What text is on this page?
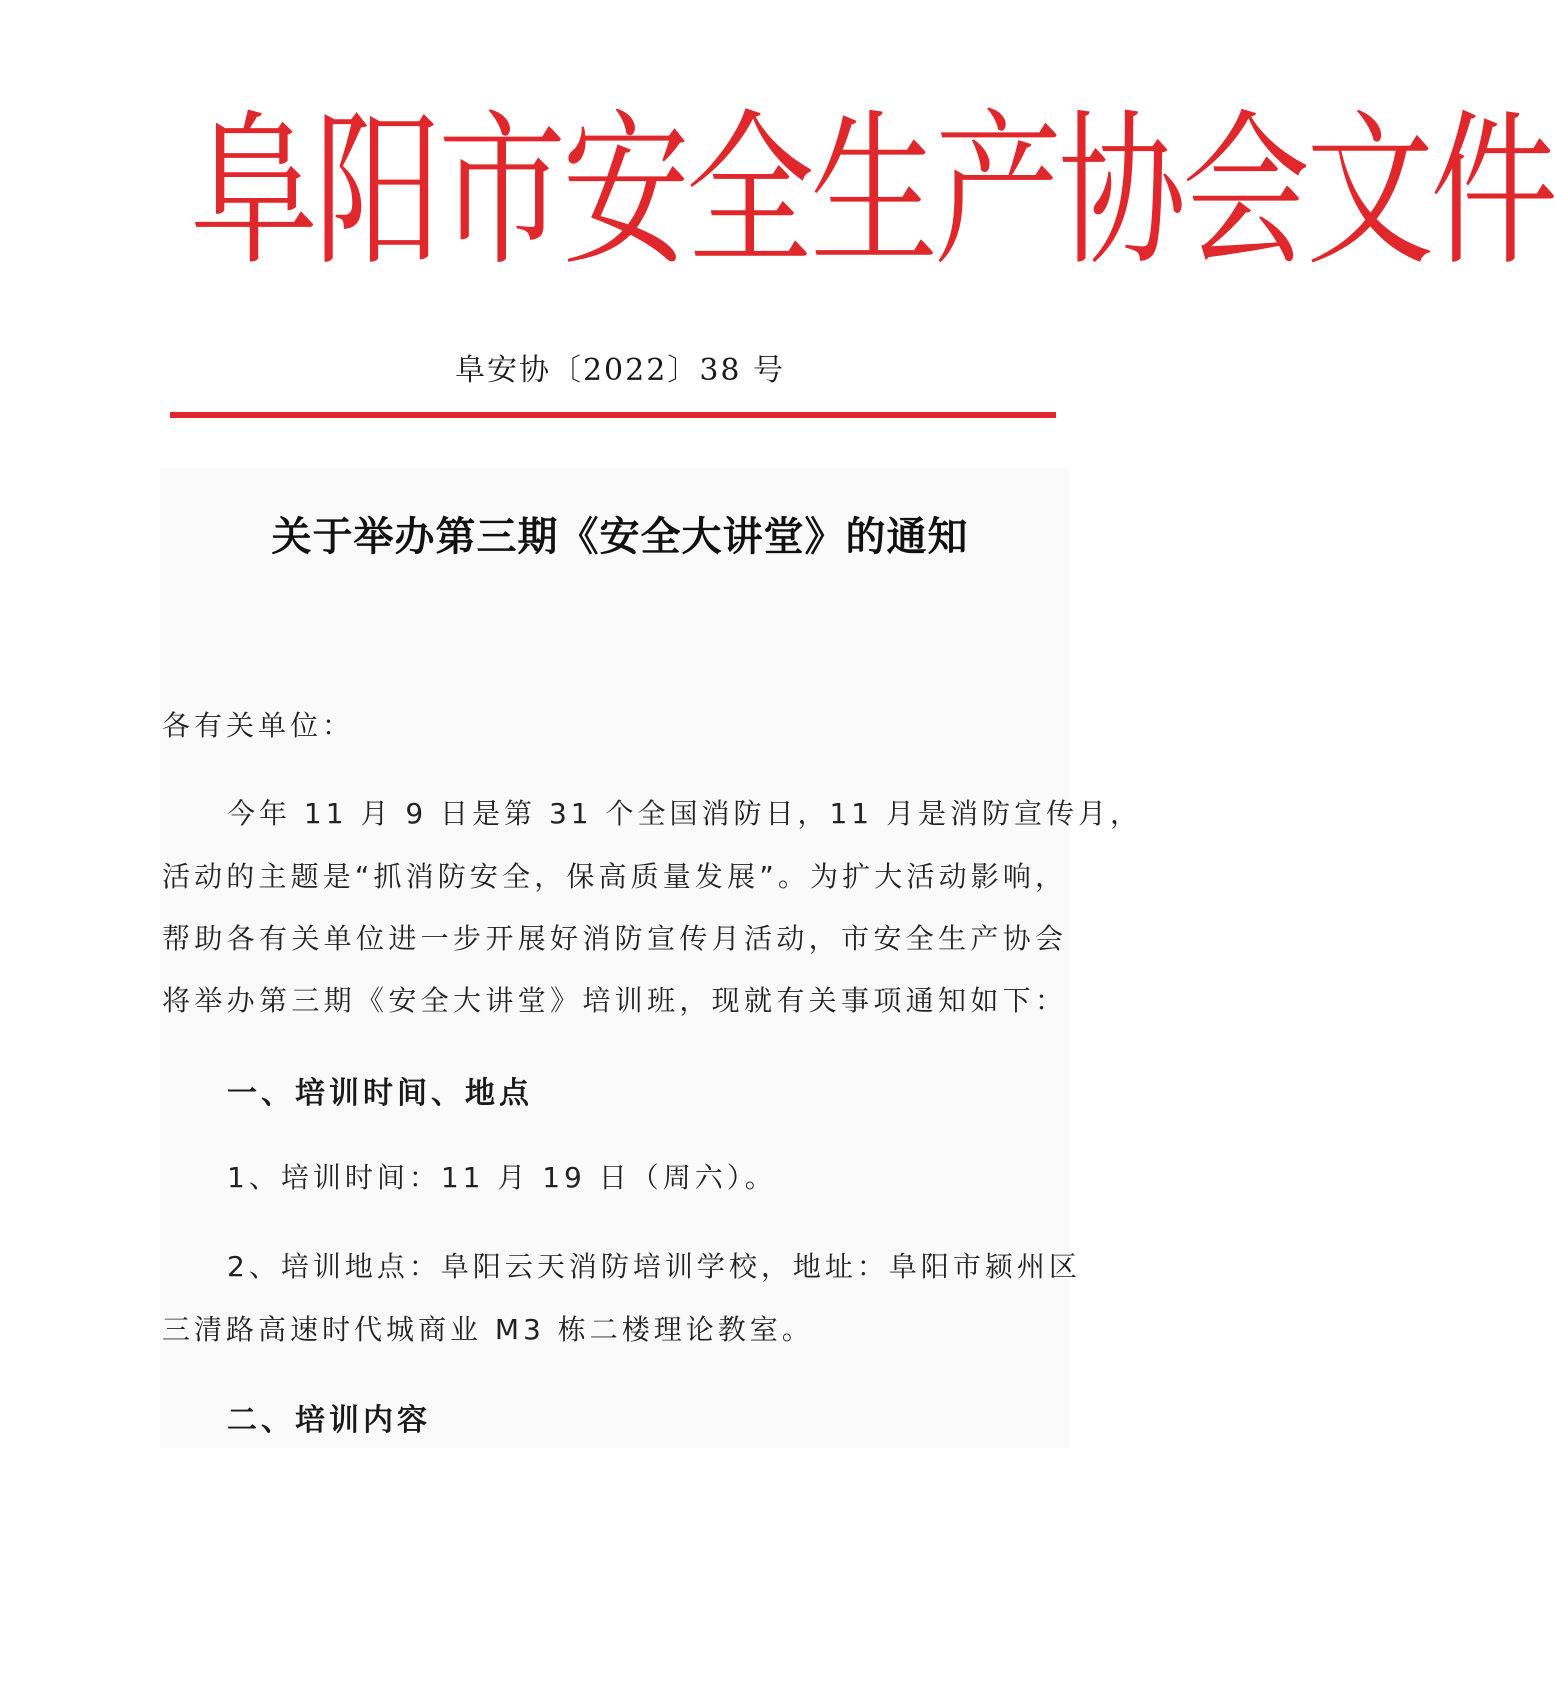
阜 阳 市 安 全 生 产 协 会 文 件
阜安协〔2022〕38 号
关于举办第三期《安全大讲堂》的通知
各有关单位：
今年 11 月 9 日是第 31 个全国消防日，11 月是消防宣传月，
活动的主题是“抓消防安全，保高质量发展”。为扩大活动影响，
帮助各有关单位进一步开展好消防宣传月活动，市安全生产协会
将举办第三期《安全大讲堂》培训班，现就有关事项通知如下：
一、培训时间、地点
1、培训时间：11 月 19 日（周六）。
2、培训地点：阜阳云天消防培训学校，地址：阜阳市颍州区
三清路高速时代城商业 M3 栋二楼理论教室。
二、培训内容
